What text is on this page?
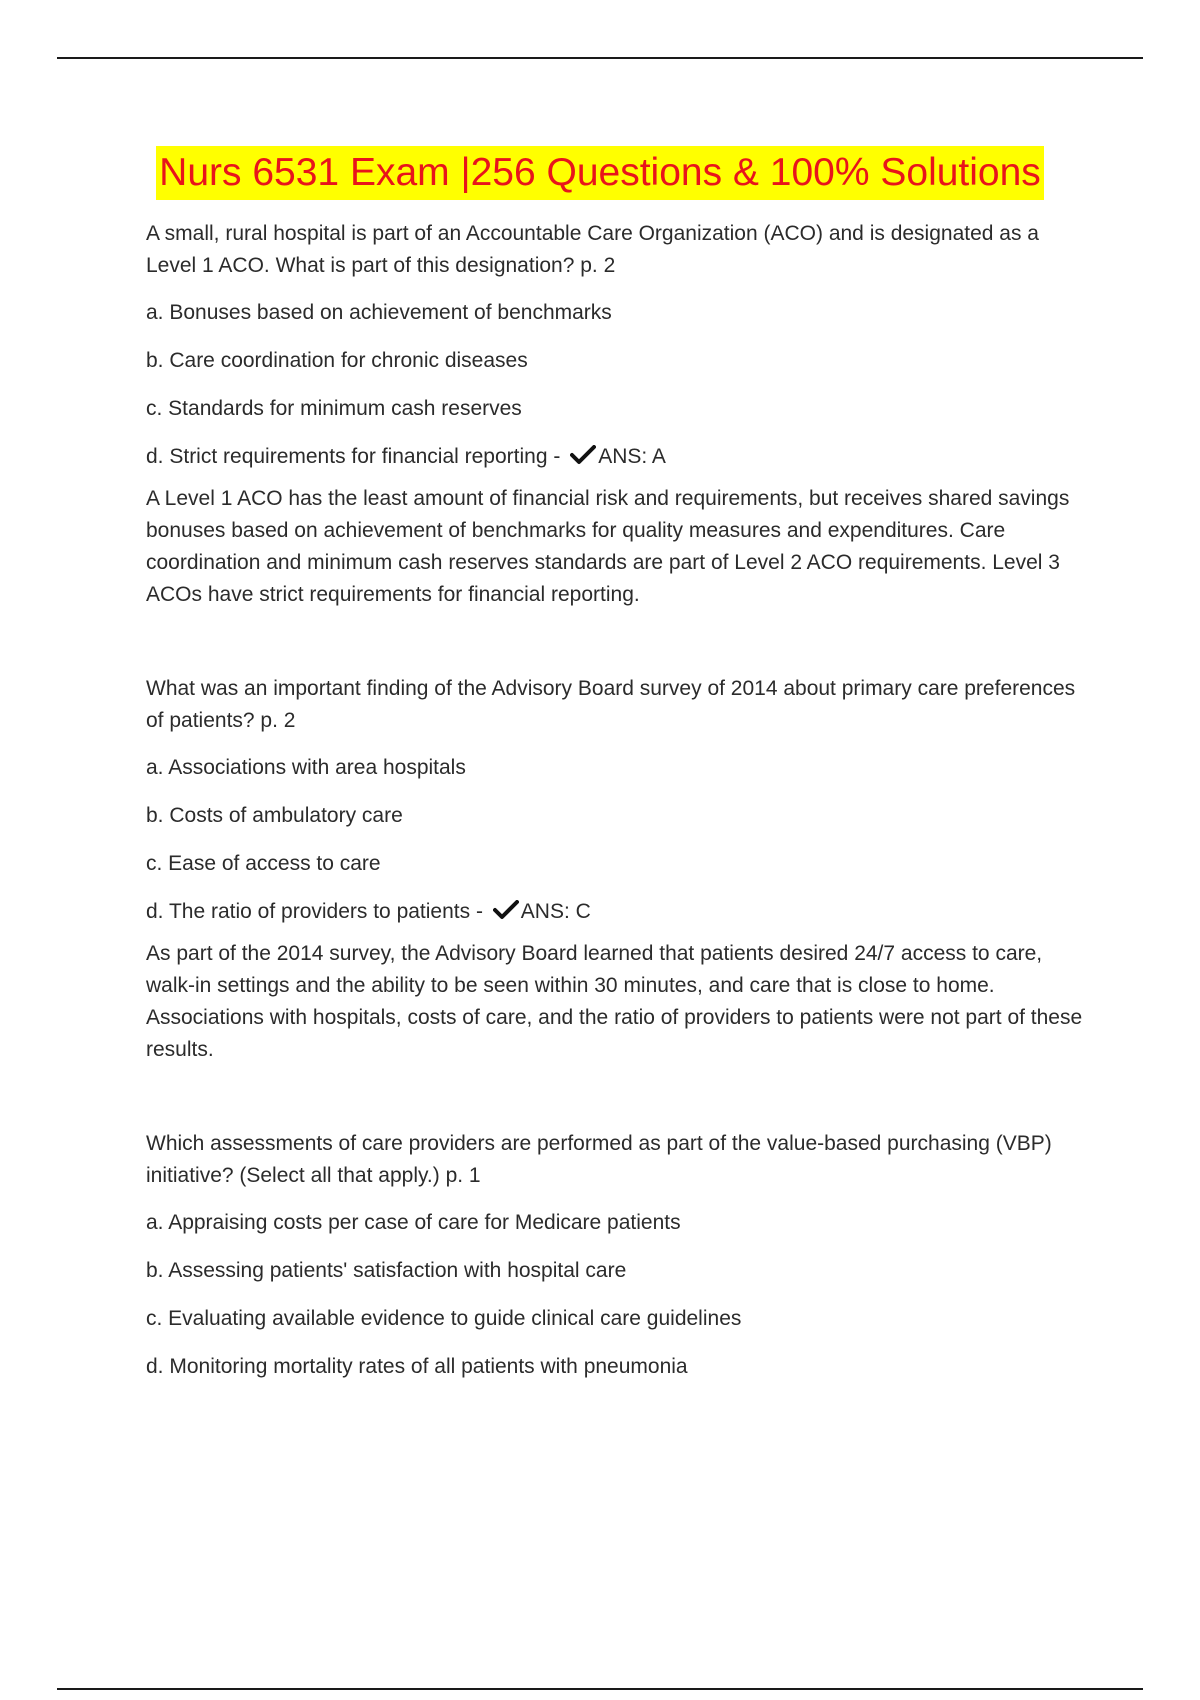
Nurs 6531 Exam |256 Questions & 100% Solutions

A small, rural hospital is part of an Accountable Care Organization (ACO) and is designated as a Level 1 ACO. What is part of this designation? p. 2

a. Bonuses based on achievement of benchmarks

b. Care coordination for chronic diseases

c. Standards for minimum cash reserves

d. Strict requirements for financial reporting - ANS: A

A Level 1 ACO has the least amount of financial risk and requirements, but receives shared savings bonuses based on achievement of benchmarks for quality measures and expenditures. Care coordination and minimum cash reserves standards are part of Level 2 ACO requirements. Level 3 ACOs have strict requirements for financial reporting.

What was an important finding of the Advisory Board survey of 2014 about primary care preferences of patients? p. 2

a. Associations with area hospitals

b. Costs of ambulatory care

c. Ease of access to care

d. The ratio of providers to patients - ANS: C

As part of the 2014 survey, the Advisory Board learned that patients desired 24/7 access to care, walk-in settings and the ability to be seen within 30 minutes, and care that is close to home. Associations with hospitals, costs of care, and the ratio of providers to patients were not part of these results.

Which assessments of care providers are performed as part of the value-based purchasing (VBP) initiative? (Select all that apply.) p. 1

a. Appraising costs per case of care for Medicare patients

b. Assessing patients' satisfaction with hospital care

c. Evaluating available evidence to guide clinical care guidelines

d. Monitoring mortality rates of all patients with pneumonia
